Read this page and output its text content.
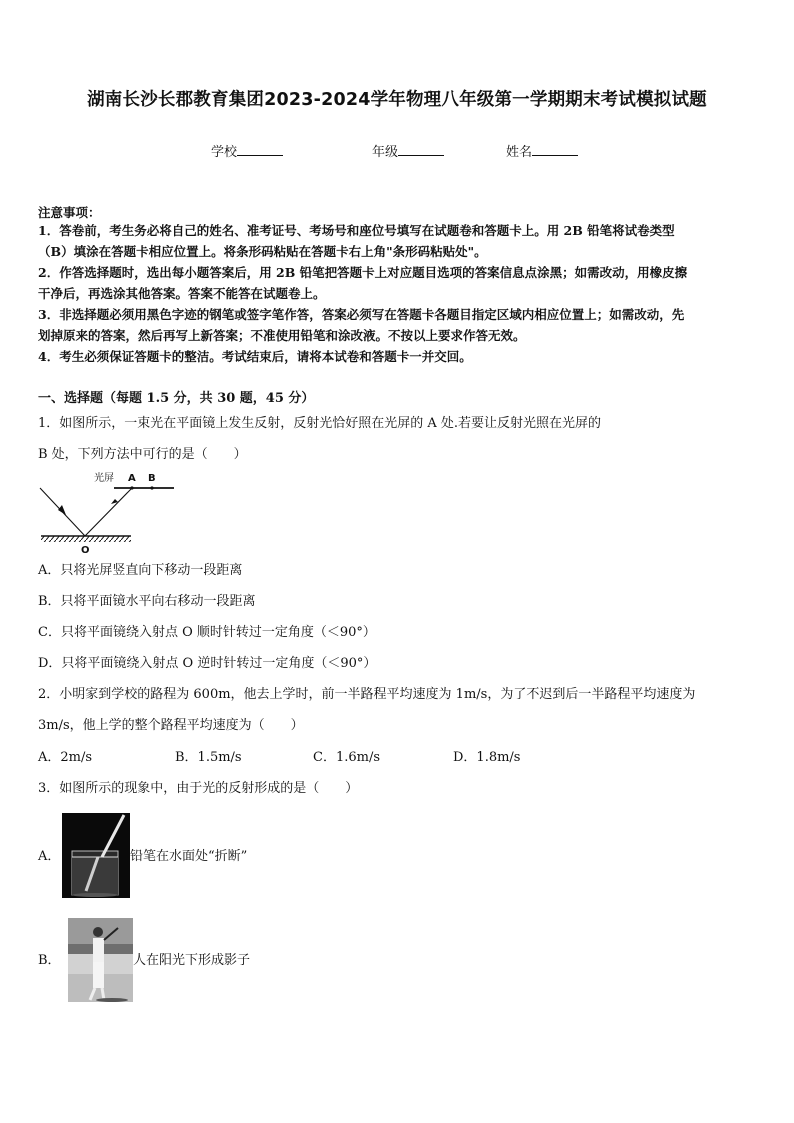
湖南长沙长郡教育集团2023-2024学年物理八年级第一学期期末考试模拟试题
学校	年级	姓名
注意事项：
1．答卷前，考生务必将自己的姓名、准考证号、考场号和座位号填写在试题卷和答题卡上。用 2B 铅笔将试卷类型
（B）填涂在答题卡相应位置上。将条形码粘贴在答题卡右上角"条形码粘贴处"。
2．作答选择题时，选出每小题答案后，用 2B 铅笔把答题卡上对应题目选项的答案信息点涂黑；如需改动，用橡皮擦
干净后，再选涂其他答案。答案不能答在试题卷上。
3．非选择题必须用黑色字迹的钢笔或签字笔作答，答案必须写在答题卡各题目指定区域内相应位置上；如需改动，先
划掉原来的答案，然后再写上新答案；不准使用铅笔和涂改液。不按以上要求作答无效。
4．考生必须保证答题卡的整洁。考试结束后，请将本试卷和答题卡一并交回。
一、选择题（每题 1.5 分，共 30 题，45 分）
1．如图所示，一束光在平面镜上发生反射，反射光恰好照在光屏的 A 处.若要让反射光照在光屏的
B 处，下列方法中可行的是（　　）
光屏 A B
O
A．只将光屏竖直向下移动一段距离
B．只将平面镜水平向右移动一段距离
C．只将平面镜绕入射点 O 顺时针转过一定角度（＜90°）
D．只将平面镜绕入射点 O 逆时针转过一定角度（＜90°）
2．小明家到学校的路程为 600m，他去上学时，前一半路程平均速度为 1m/s，为了不迟到后一半路程平均速度为
3m/s，他上学的整个路程平均速度为（　　）
A．2m/s	B．1.5m/s	C．1.6m/s	D．1.8m/s
3．如图所示的现象中，由于光的反射形成的是（　　）
A．	铅笔在水面处“折断”
B．	人在阳光下形成影子
